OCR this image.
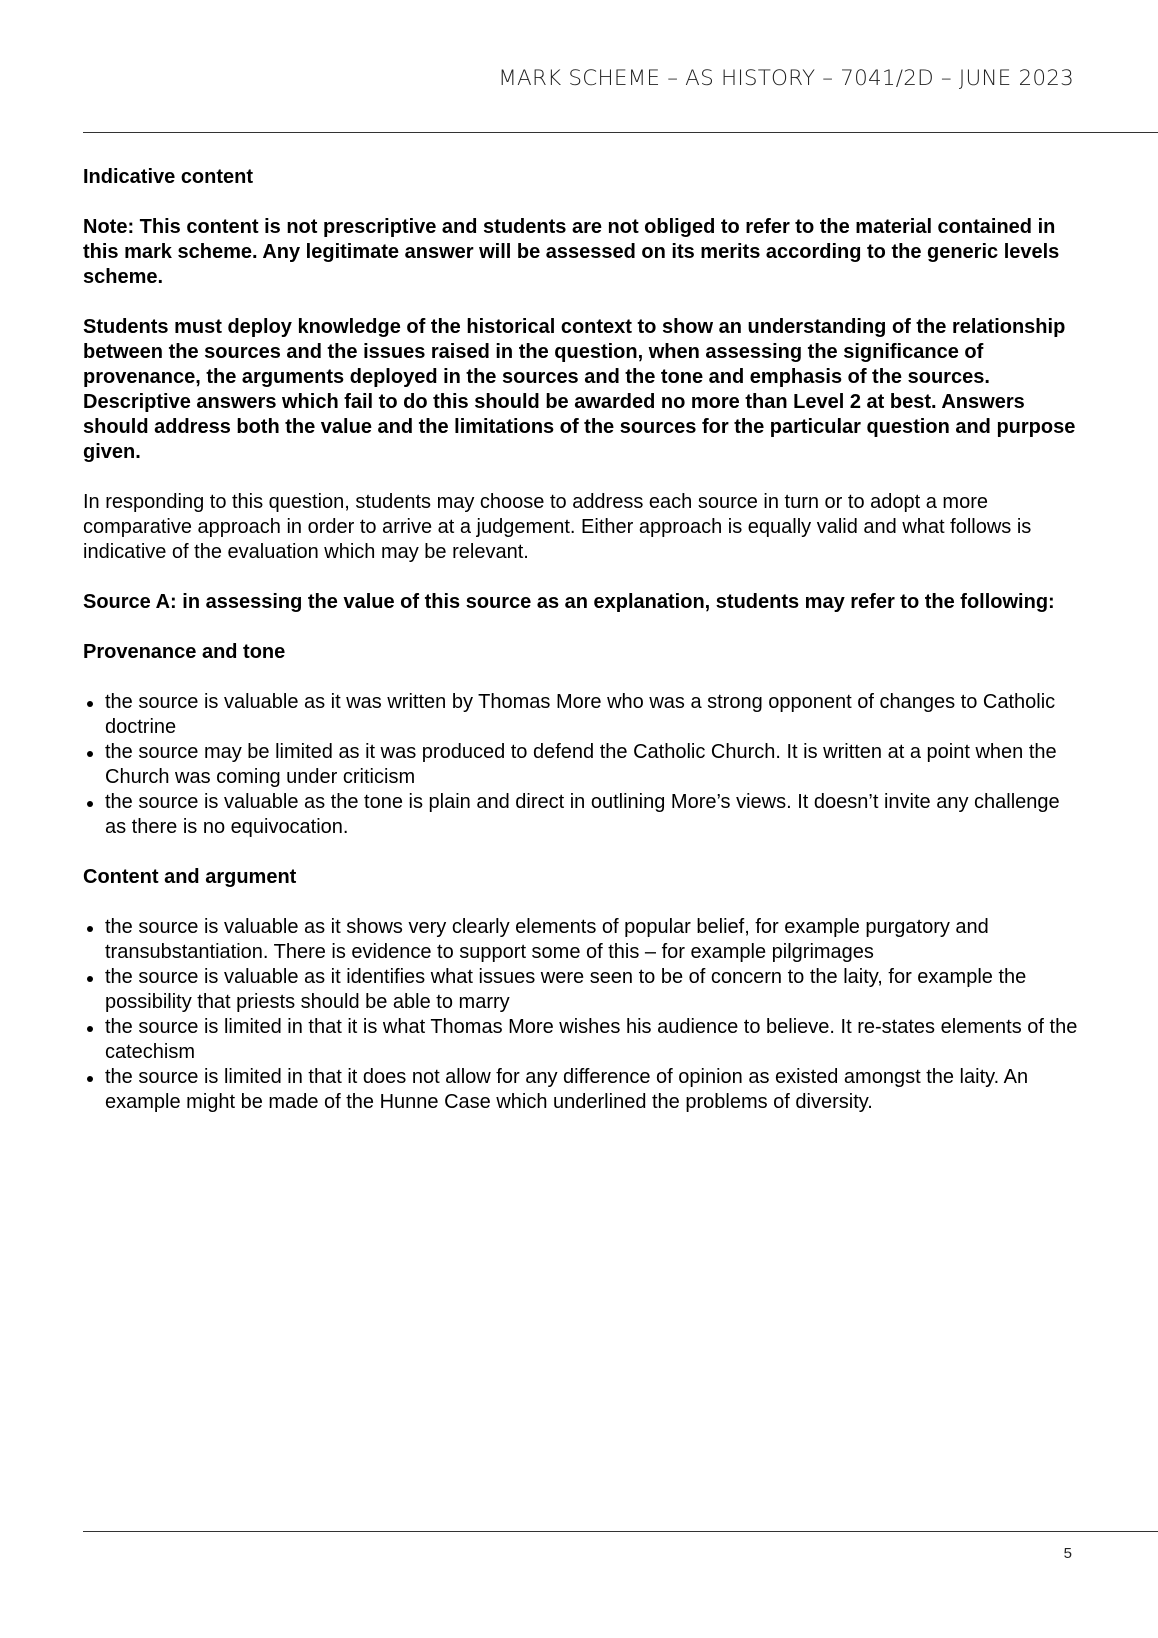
MARK SCHEME – AS HISTORY – 7041/2D – JUNE 2023

Indicative content

Note: This content is not prescriptive and students are not obliged to refer to the material contained in this mark scheme. Any legitimate answer will be assessed on its merits according to the generic levels scheme.

Students must deploy knowledge of the historical context to show an understanding of the relationship between the sources and the issues raised in the question, when assessing the significance of provenance, the arguments deployed in the sources and the tone and emphasis of the sources. Descriptive answers which fail to do this should be awarded no more than Level 2 at best. Answers should address both the value and the limitations of the sources for the particular question and purpose given.

In responding to this question, students may choose to address each source in turn or to adopt a more comparative approach in order to arrive at a judgement. Either approach is equally valid and what follows is indicative of the evaluation which may be relevant.

Source A: in assessing the value of this source as an explanation, students may refer to the following:

Provenance and tone

the source is valuable as it was written by Thomas More who was a strong opponent of changes to Catholic doctrine
the source may be limited as it was produced to defend the Catholic Church. It is written at a point when the Church was coming under criticism
the source is valuable as the tone is plain and direct in outlining More’s views. It doesn’t invite any challenge as there is no equivocation.

Content and argument

the source is valuable as it shows very clearly elements of popular belief, for example purgatory and transubstantiation. There is evidence to support some of this – for example pilgrimages
the source is valuable as it identifies what issues were seen to be of concern to the laity, for example the possibility that priests should be able to marry
the source is limited in that it is what Thomas More wishes his audience to believe. It re-states elements of the catechism
the source is limited in that it does not allow for any difference of opinion as existed amongst the laity. An example might be made of the Hunne Case which underlined the problems of diversity.
5
